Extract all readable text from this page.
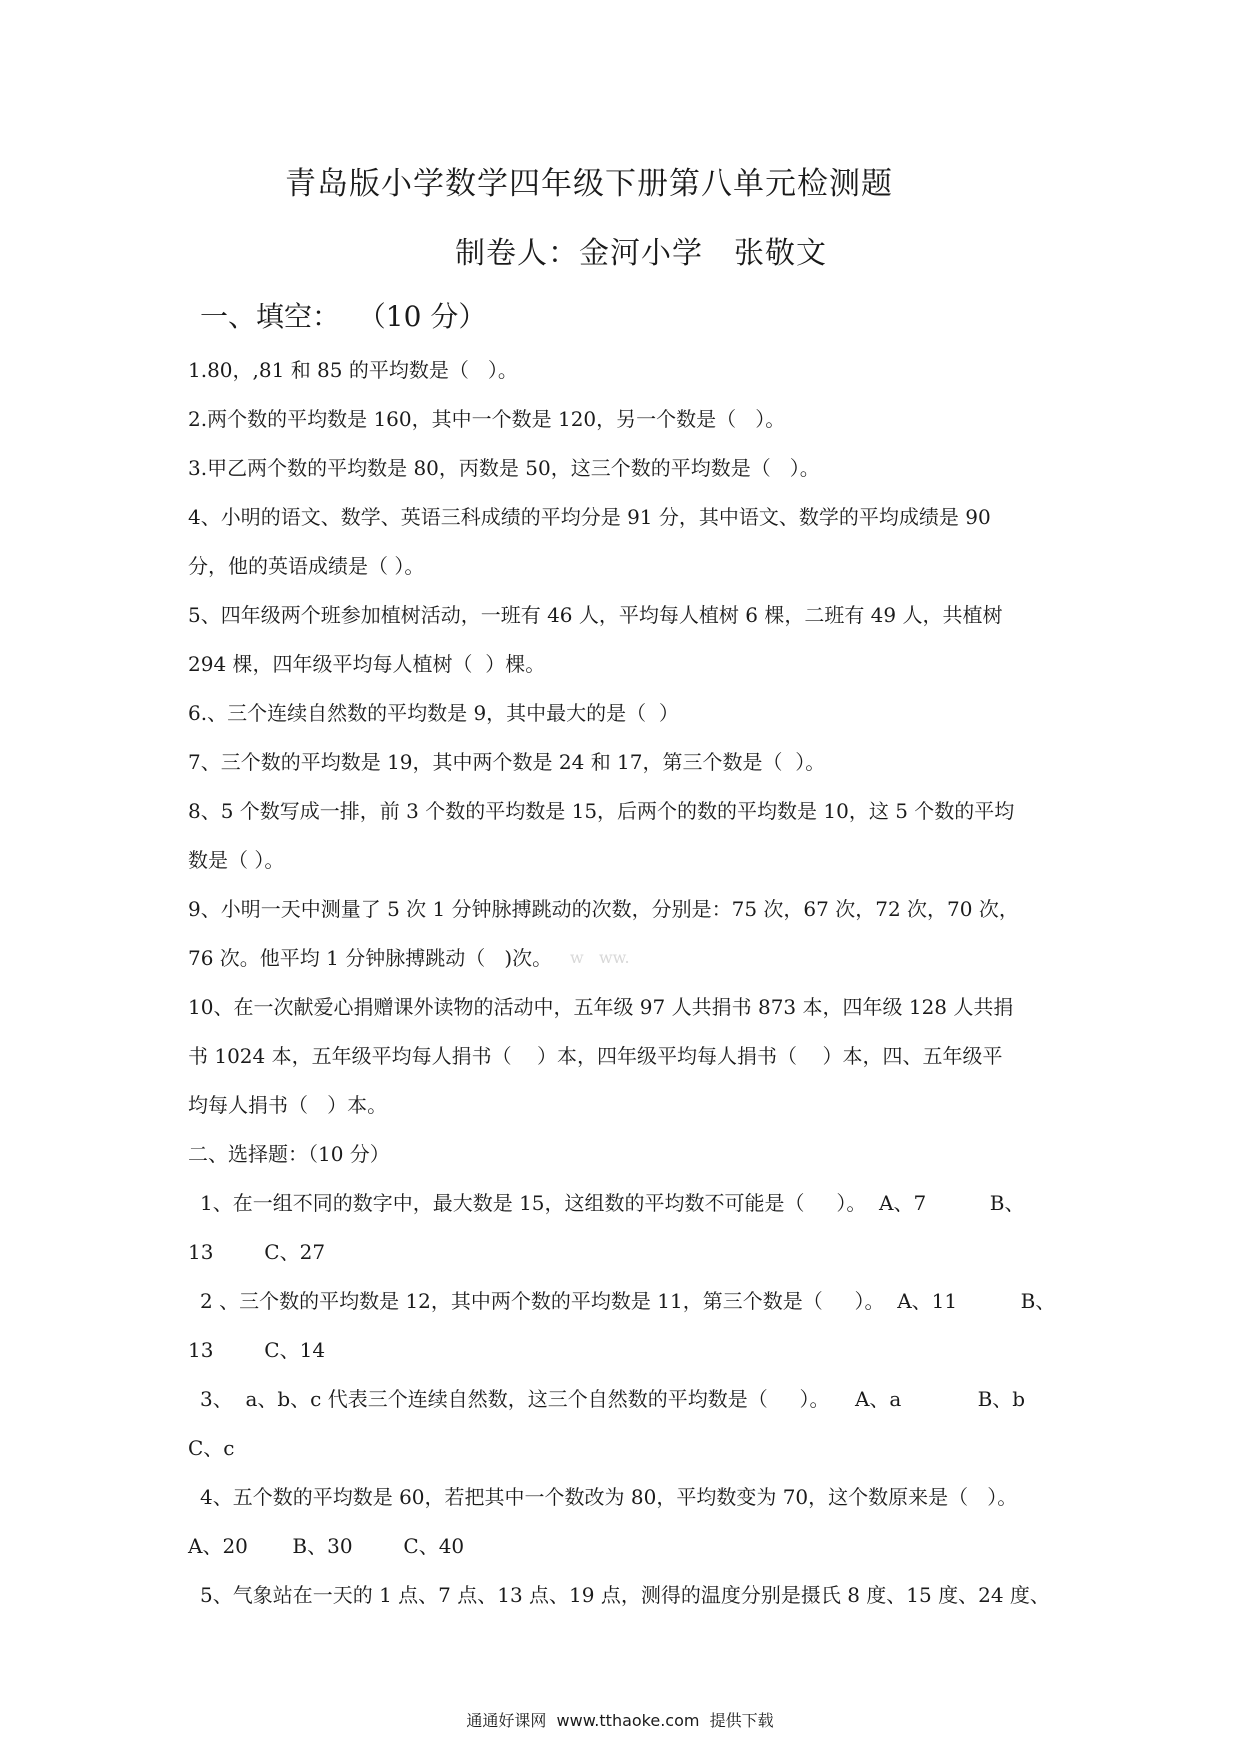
青岛版小学数学四年级下册第八单元检测题
制卷人：金河小学　张敬文
一、填空：  （10 分）
1.80，,81 和 85 的平均数是（   ）。
2.两个数的平均数是 160，其中一个数是 120，另一个数是（   ）。
3.甲乙两个数的平均数是 80，丙数是 50，这三个数的平均数是（   ）。
4、小明的语文、数学、英语三科成绩的平均分是 91 分，其中语文、数学的平均成绩是 90
分，他的英语成绩是（ ）。
5、四年级两个班参加植树活动，一班有 46 人，平均每人植树 6 棵，二班有 49 人，共植树
294 棵，四年级平均每人植树（  ）棵。
6.、三个连续自然数的平均数是 9，其中最大的是（  ）
7、三个数的平均数是 19，其中两个数是 24 和 17，第三个数是（  ）。
8、5 个数写成一排，前 3 个数的平均数是 15，后两个的数的平均数是 10，这 5 个数的平均
数是（ ）。
9、小明一天中测量了 5 次 1 分钟脉搏跳动的次数，分别是：75 次，67 次，72 次，70 次，
76 次。他平均 1 分钟脉搏跳动（   )次。 w   ww.
10、在一次献爱心捐赠课外读物的活动中，五年级 97 人共捐书 873 本，四年级 128 人共捐
书 1024 本，五年级平均每人捐书（    ）本，四年级平均每人捐书（    ）本，四、五年级平
均每人捐书（   ）本。
二、选择题：（10 分）
1、在一组不同的数字中，最大数是 15，这组数的平均数不可能是（     ）。  A、7          B、
13        C、27
2 、三个数的平均数是 12，其中两个数的平均数是 11，第三个数是（     ）。  A、11          B、
13        C、14
3、  a、b、c 代表三个连续自然数，这三个自然数的平均数是（     ）。    A、a            B、b
C、c
4、五个数的平均数是 60，若把其中一个数改为 80，平均数变为 70，这个数原来是（   ）。
A、20       B、30        C、40
5、气象站在一天的 1 点、7 点、13 点、19 点，测得的温度分别是摄氏 8 度、15 度、24 度、
通通好课网  www.tthaoke.com  提供下载
